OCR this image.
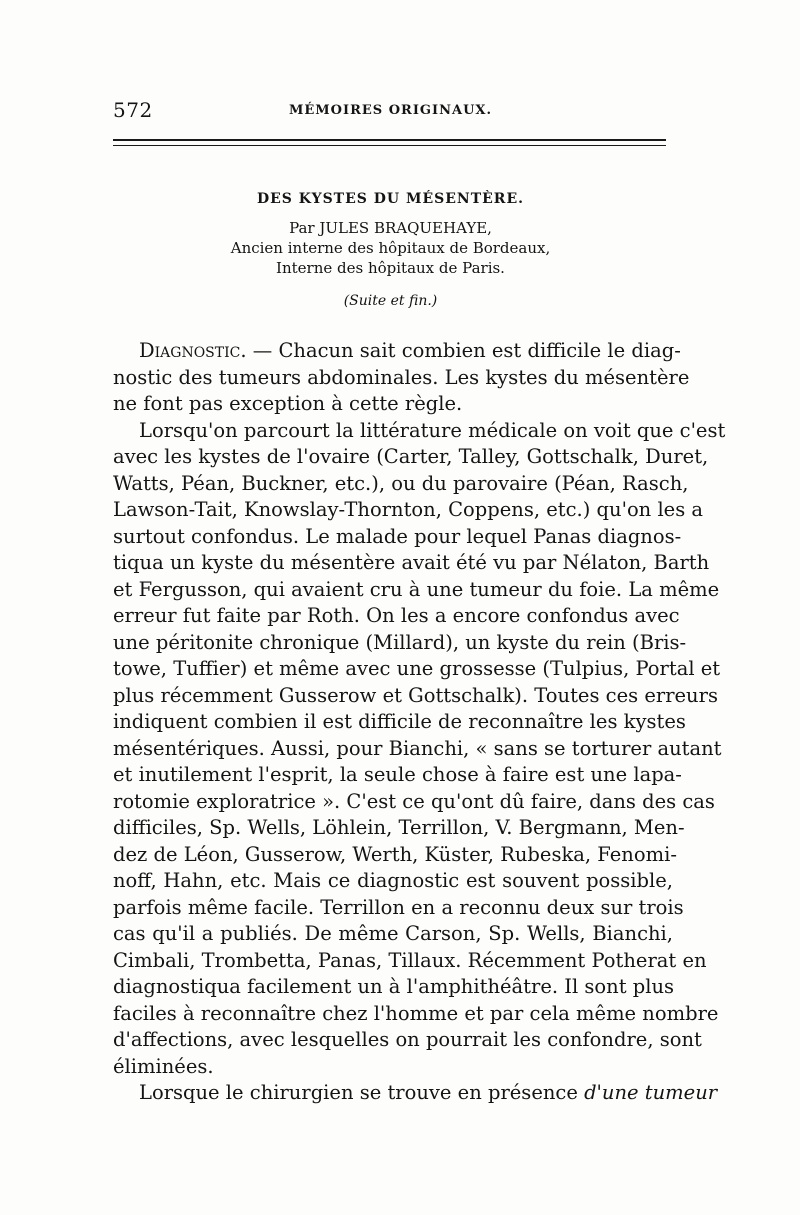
572	MÉMOIRES ORIGINAUX.
DES KYSTES DU MÉSENTÈRE.
Par JULES BRAQUEHAYE,
Ancien interne des hôpitaux de Bordeaux,
Interne des hôpitaux de Paris.
(Suite et fin.)
Diagnostic. — Chacun sait combien est difficile le diag-
nostic des tumeurs abdominales. Les kystes du mésentère
ne font pas exception à cette règle.
Lorsqu'on parcourt la littérature médicale on voit que c'est
avec les kystes de l'ovaire (Carter, Talley, Gottschalk, Duret,
Watts, Péan, Buckner, etc.), ou du parovaire (Péan, Rasch,
Lawson-Tait, Knowslay-Thornton, Coppens, etc.) qu'on les a
surtout confondus. Le malade pour lequel Panas diagnos-
tiqua un kyste du mésentère avait été vu par Nélaton, Barth
et Fergusson, qui avaient cru à une tumeur du foie. La même
erreur fut faite par Roth. On les a encore confondus avec
une péritonite chronique (Millard), un kyste du rein (Bris-
towe, Tuffier) et même avec une grossesse (Tulpius, Portal et
plus récemment Gusserow et Gottschalk). Toutes ces erreurs
indiquent combien il est difficile de reconnaître les kystes
mésentériques. Aussi, pour Bianchi, « sans se torturer autant
et inutilement l'esprit, la seule chose à faire est une lapa-
rotomie exploratrice ». C'est ce qu'ont dû faire, dans des cas
difficiles, Sp. Wells, Löhlein, Terrillon, V. Bergmann, Men-
dez de Léon, Gusserow, Werth, Küster, Rubeska, Fenomi-
noff, Hahn, etc. Mais ce diagnostic est souvent possible,
parfois même facile. Terrillon en a reconnu deux sur trois
cas qu'il a publiés. De même Carson, Sp. Wells, Bianchi,
Cimbali, Trombetta, Panas, Tillaux. Récemment Potherat en
diagnostiqua facilement un à l'amphithéâtre. Il sont plus
faciles à reconnaître chez l'homme et par cela même nombre
d'affections, avec lesquelles on pourrait les confondre, sont
éliminées.
Lorsque le chirurgien se trouve en présence d'une tumeur
